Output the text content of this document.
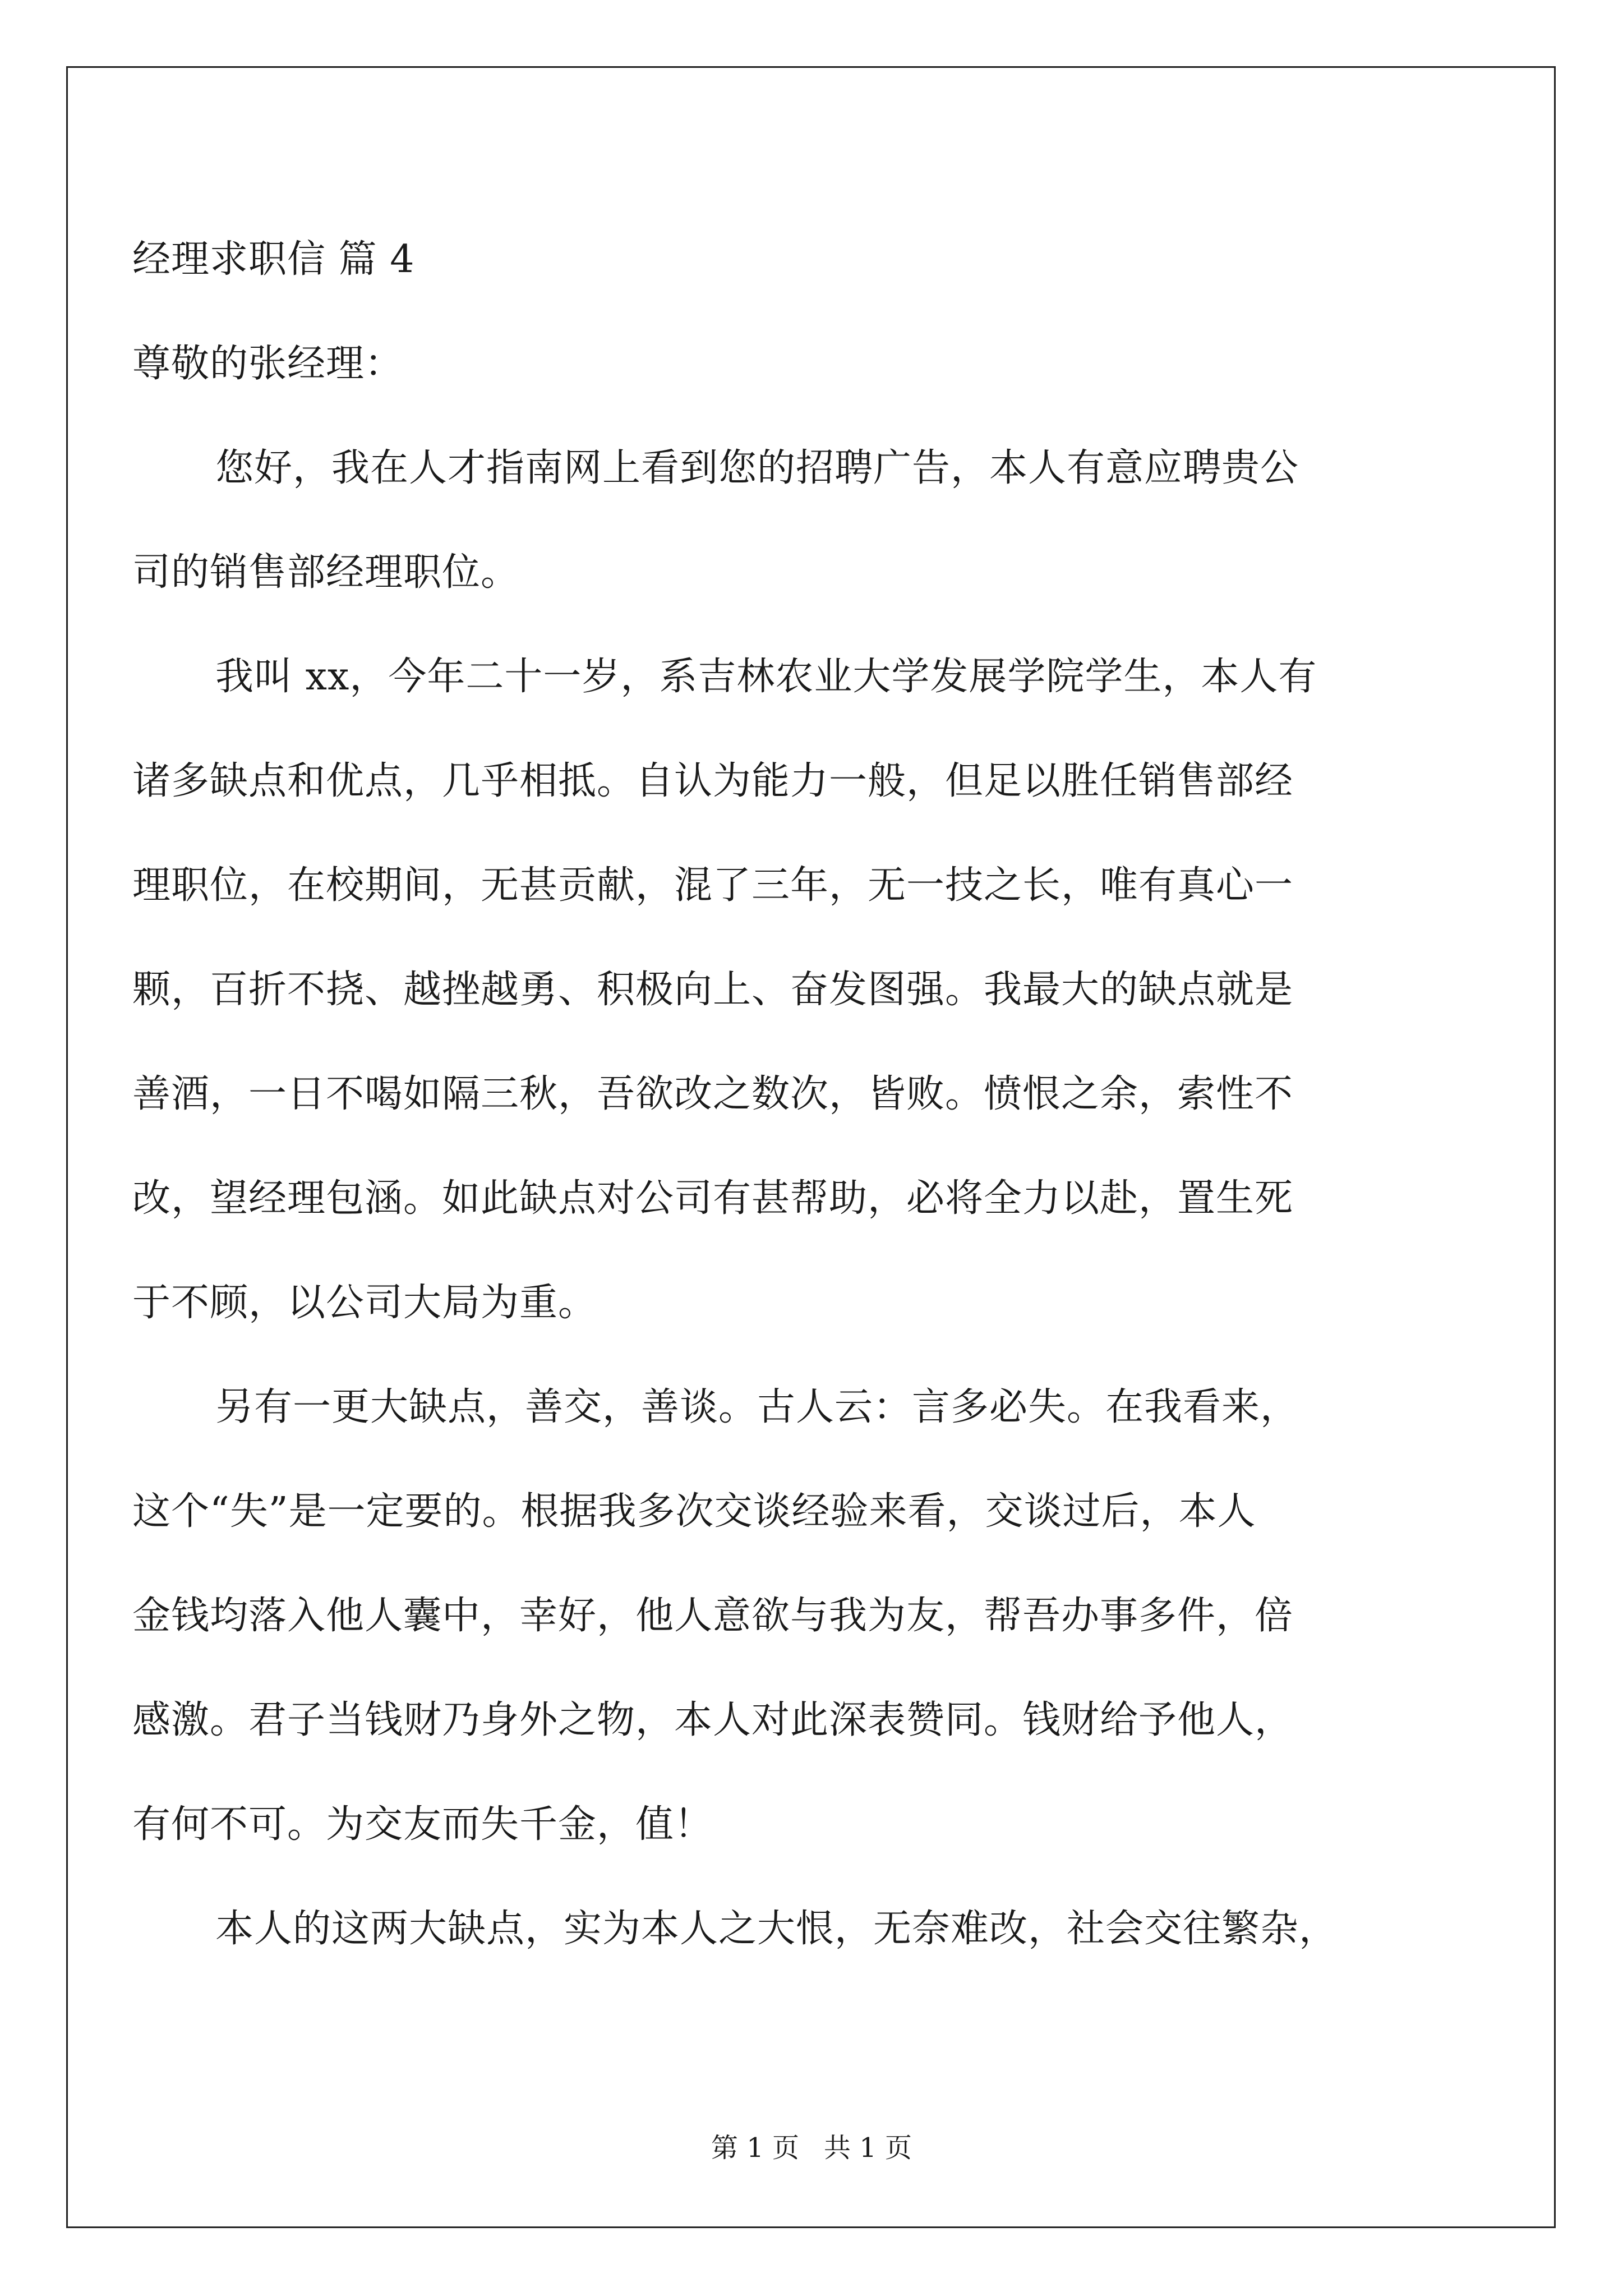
经理求职信 篇 4
尊敬的张经理：
您好，我在人才指南网上看到您的招聘广告，本人有意应聘贵公
司的销售部经理职位。
我叫 xx，今年二十一岁，系吉林农业大学发展学院学生，本人有
诸多缺点和优点，几乎相抵。自认为能力一般，但足以胜任销售部经
理职位，在校期间，无甚贡献，混了三年，无一技之长，唯有真心一
颗，百折不挠、越挫越勇、积极向上、奋发图强。我最大的缺点就是
善酒，一日不喝如隔三秋，吾欲改之数次，皆败。愤恨之余，索性不
改，望经理包涵。如此缺点对公司有甚帮助，必将全力以赴，置生死
于不顾，以公司大局为重。
另有一更大缺点，善交，善谈。古人云：言多必失。在我看来，
这个“失”是一定要的。根据我多次交谈经验来看，交谈过后，本人
金钱均落入他人囊中，幸好，他人意欲与我为友，帮吾办事多件，倍
感激。君子当钱财乃身外之物，本人对此深表赞同。钱财给予他人，
有何不可。为交友而失千金，值！
本人的这两大缺点，实为本人之大恨，无奈难改，社会交往繁杂，
第 1 页 共 1 页
